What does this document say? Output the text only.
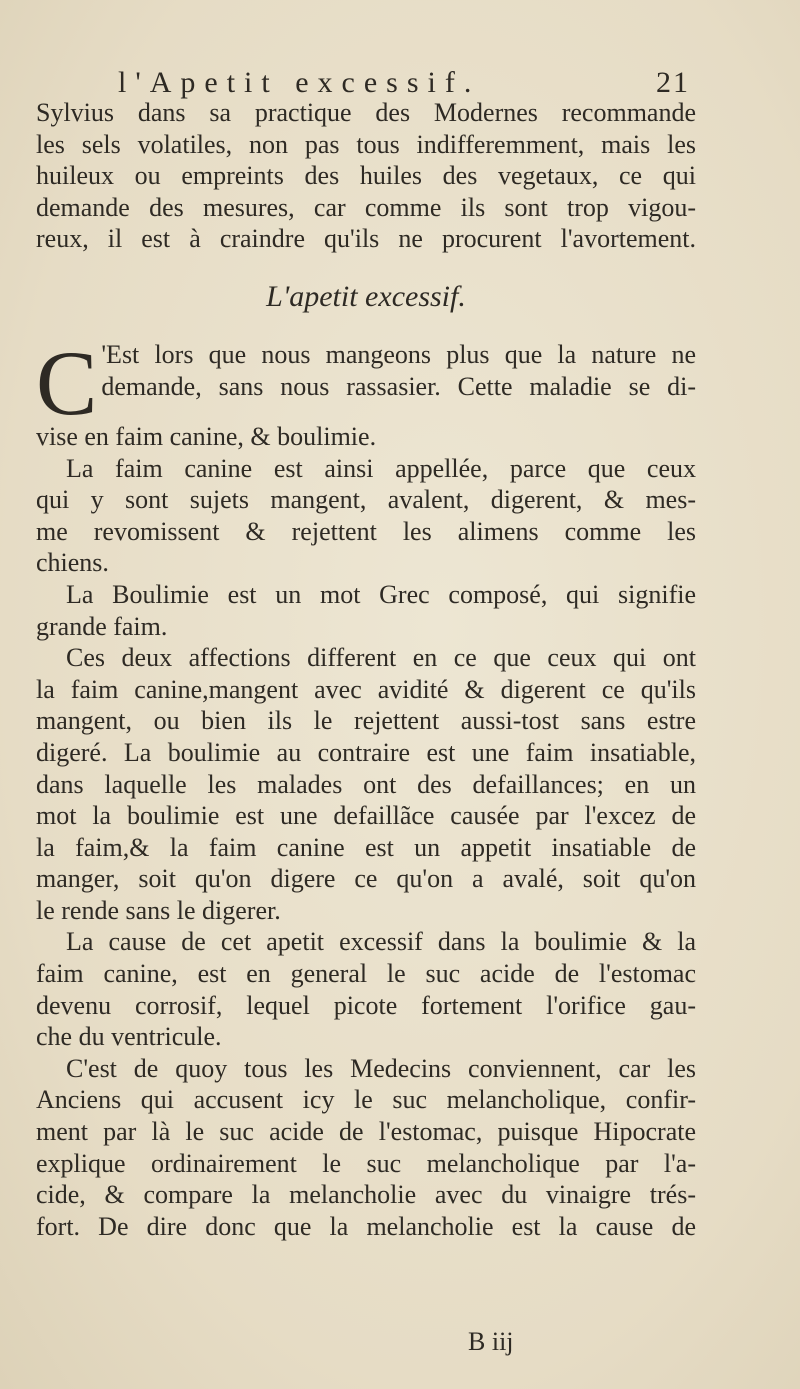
l'Apetit excessif.	21
Sylvius dans sa practique des Modernes recommande
les sels volatiles, non pas tous indifferemment, mais les
huileux ou empreints des huiles des vegetaux, ce qui
demande des mesures, car comme ils sont trop vigou-
reux, il est à craindre qu'ils ne procurent l'avortement.
L'apetit excessif.
C 'Est lors que nous mangeons plus que la nature ne
demande, sans nous rassasier. Cette maladie se di-
vise en faim canine, & boulimie.
La faim canine est ainsi appellée, parce que ceux
qui y sont sujets mangent, avalent, digerent, & mes-
me revomissent & rejettent les alimens comme les
chiens.
La Boulimie est un mot Grec composé, qui signifie
grande faim.
Ces deux affections different en ce que ceux qui ont
la faim canine,mangent avec avidité & digerent ce qu'ils
mangent, ou bien ils le rejettent aussi-tost sans estre
digeré. La boulimie au contraire est une faim insatiable,
dans laquelle les malades ont des defaillances; en un
mot la boulimie est une defaillãce causée par l'excez de
la faim,& la faim canine est un appetit insatiable de
manger, soit qu'on digere ce qu'on a avalé, soit qu'on
le rende sans le digerer.
La cause de cet apetit excessif dans la boulimie & la
faim canine, est en general le suc acide de l'estomac
devenu corrosif, lequel picote fortement l'orifice gau-
che du ventricule.
C'est de quoy tous les Medecins conviennent, car les
Anciens qui accusent icy le suc melancholique, confir-
ment par là le suc acide de l'estomac, puisque Hipocrate
explique ordinairement le suc melancholique par l'a-
cide, & compare la melancholie avec du vinaigre trés-
fort. De dire donc que la melancholie est la cause de
B iij
